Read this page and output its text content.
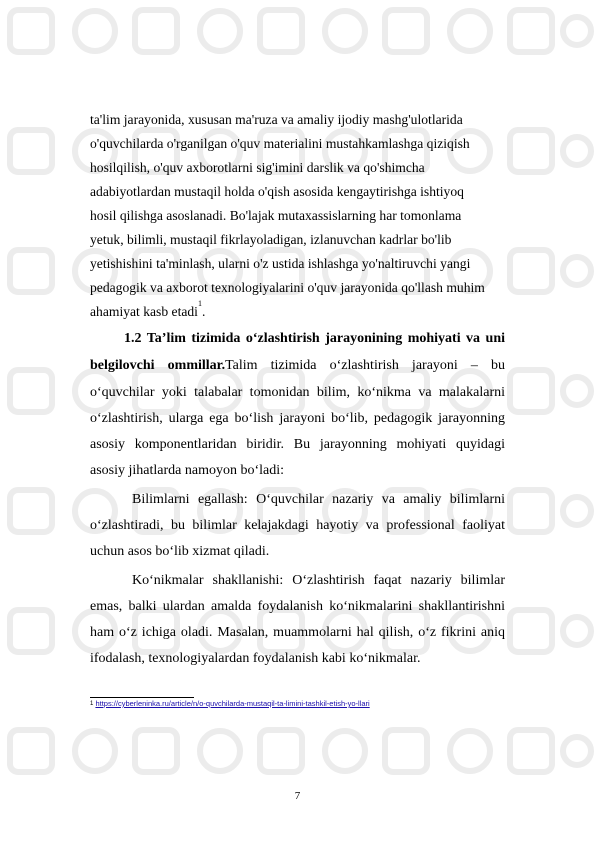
ta'lim jarayonida, xususan ma'ruza va amaliy ijodiy mashg'ulotlarida
o'quvchilarda o'rganilgan o'quv materialini mustahkamlashga qiziqish
hosilqilish, o'quv axborotlarni sig'imini darslik va qo'shimcha
adabiyotlardan mustaqil holda o'qish asosida kengaytirishga ishtiyoq
hosil qilishga asoslanadi. Bo'lajak mutaxassislarning har tomonlama
yetuk, bilimli, mustaqil fikrlayoladigan, izlanuvchan kadrlar bo'lib
yetishishini ta'minlash, ularni o'z ustida ishlashga yo'naltiruvchi yangi
pedagogik va axborot texnologiyalarini o'quv jarayonida qo'llash muhim
ahamiyat kasb etadi$^1$.
1.2 Ta’lim tizimida o‘zlashtirish jarayonining mohiyati va uni
belgilovchi ommillar.Talim tizimida o‘zlashtirish jarayoni – bu
o‘quvchilar yoki talabalar tomonidan bilim, ko‘nikma va malakalarni
o‘zlashtirish, ularga ega bo‘lish jarayoni bo‘lib, pedagogik jarayonning
asosiy komponentlaridan biridir. Bu jarayonning mohiyati quyidagi
asosiy jihatlarda namoyon bo‘ladi:
Bilimlarni egallash: O‘quvchilar nazariy va amaliy bilimlarni
o‘zlashtiradi, bu bilimlar kelajakdagi hayotiy va professional faoliyat
uchun asos bo‘lib xizmat qiladi.
Ko‘nikmalar shakllanishi: O‘zlashtirish faqat nazariy bilimlar
emas, balki ulardan amalda foydalanish ko‘nikmalarini shakllantirishni
ham o‘z ichiga oladi. Masalan, muammolarni hal qilish, o‘z fikrini aniq
ifodalash, texnologiyalardan foydalanish kabi ko‘nikmalar.
$^1$ https://cyberleninka.ru/article/n/o-quvchilarda-mustaqil-ta-limini-tashkil-etish-yo-llari
7
